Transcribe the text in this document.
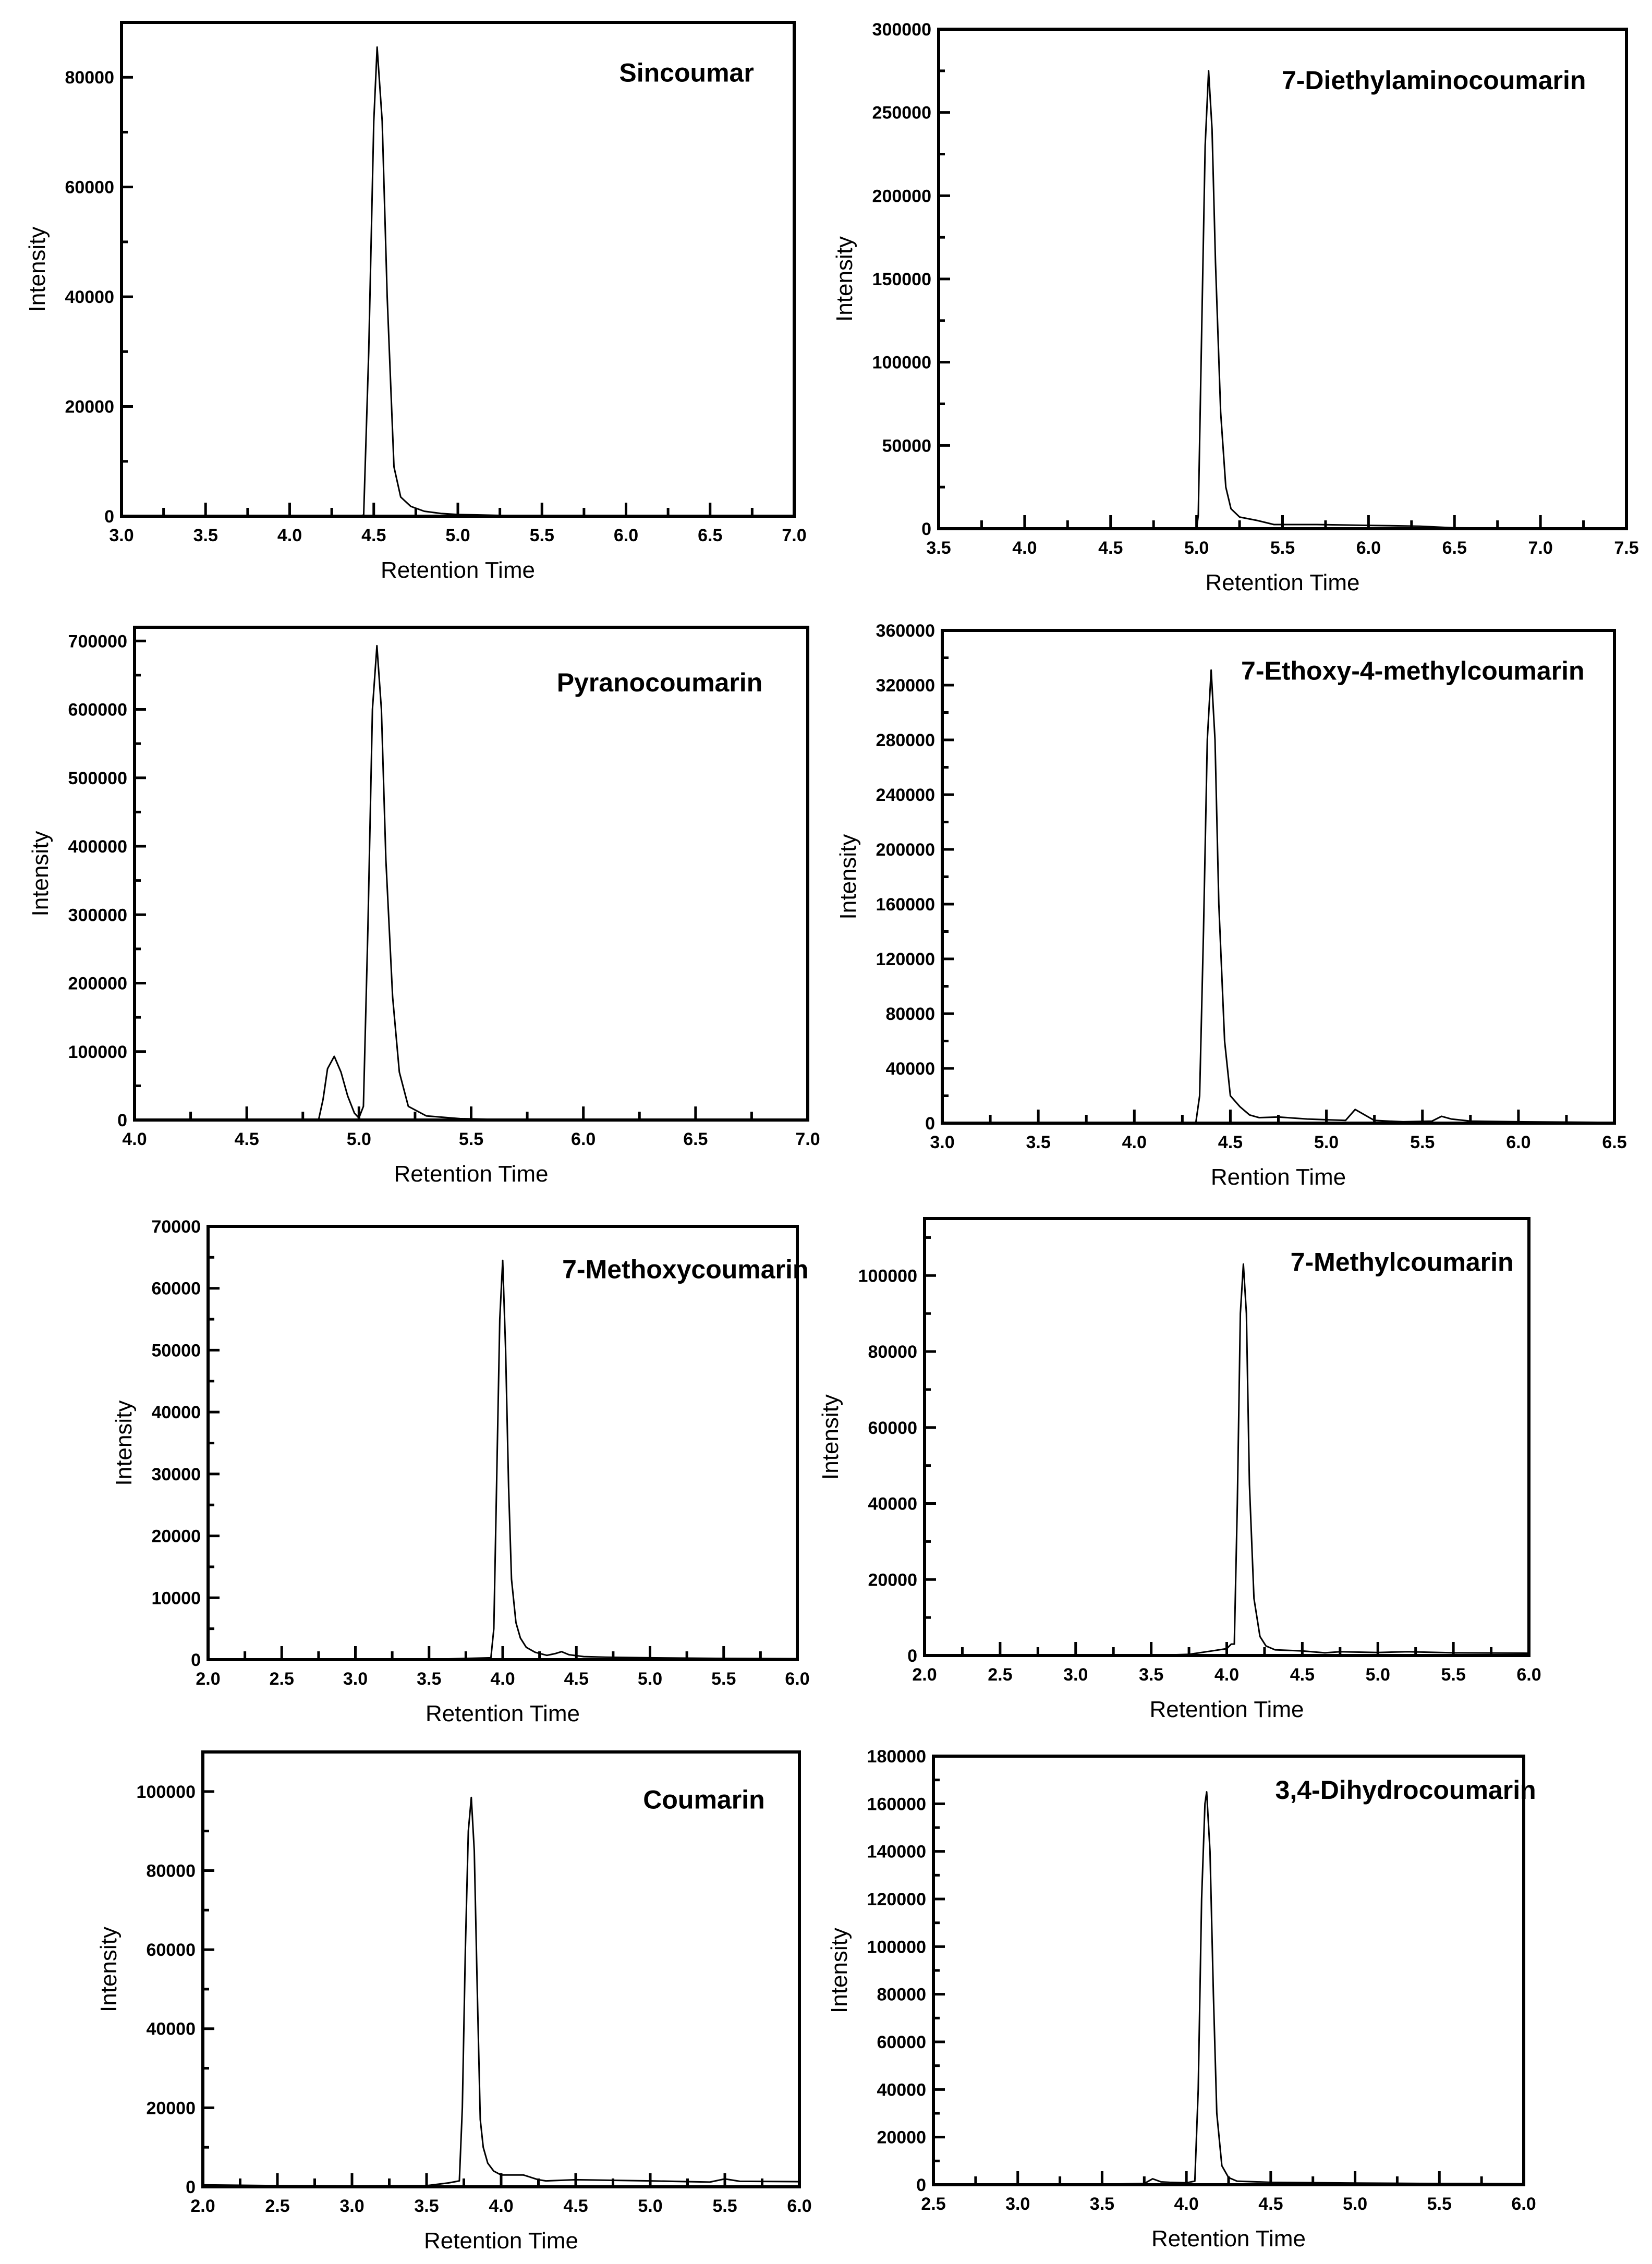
3.0	3.5	4.0	4.5	5.0	5.5	6.0	6.5	7.0
0
20000
40000
60000
80000
Retention Time
Intensity
Sincoumar
3.5	4.0	4.5	5.0	5.5	6.0	6.5	7.0	7.5
0
50000
100000
150000
200000
250000
300000
Retention Time
Intensity
7-Diethylaminocoumarin
4.0	4.5	5.0	5.5	6.0	6.5	7.0
0
100000
200000
300000
400000
500000
600000
700000
Retention Time
Intensity
Pyranocoumarin
3.0	3.5	4.0	4.5	5.0	5.5	6.0	6.5
0
40000
80000
120000
160000
200000
240000
280000
320000
360000
Rention Time
Intensity
7-Ethoxy-4-methylcoumarin
2.0	2.5	3.0	3.5	4.0	4.5	5.0	5.5	6.0
0
10000
20000
30000
40000
50000
60000
70000
Retention Time
Intensity
7-Methoxycoumarin
2.0	2.5	3.0	3.5	4.0	4.5	5.0	5.5	6.0
0
20000
40000
60000
80000
100000
Retention Time
Intensity
7-Methylcoumarin
2.0	2.5	3.0	3.5	4.0	4.5	5.0	5.5	6.0
0
20000
40000
60000
80000
100000
Retention Time
Intensity
Coumarin
2.5	3.0	3.5	4.0	4.5	5.0	5.5	6.0
0
20000
40000
60000
80000
100000
120000
140000
160000
180000
Retention Time
Intensity
3,4-Dihydrocoumarin
